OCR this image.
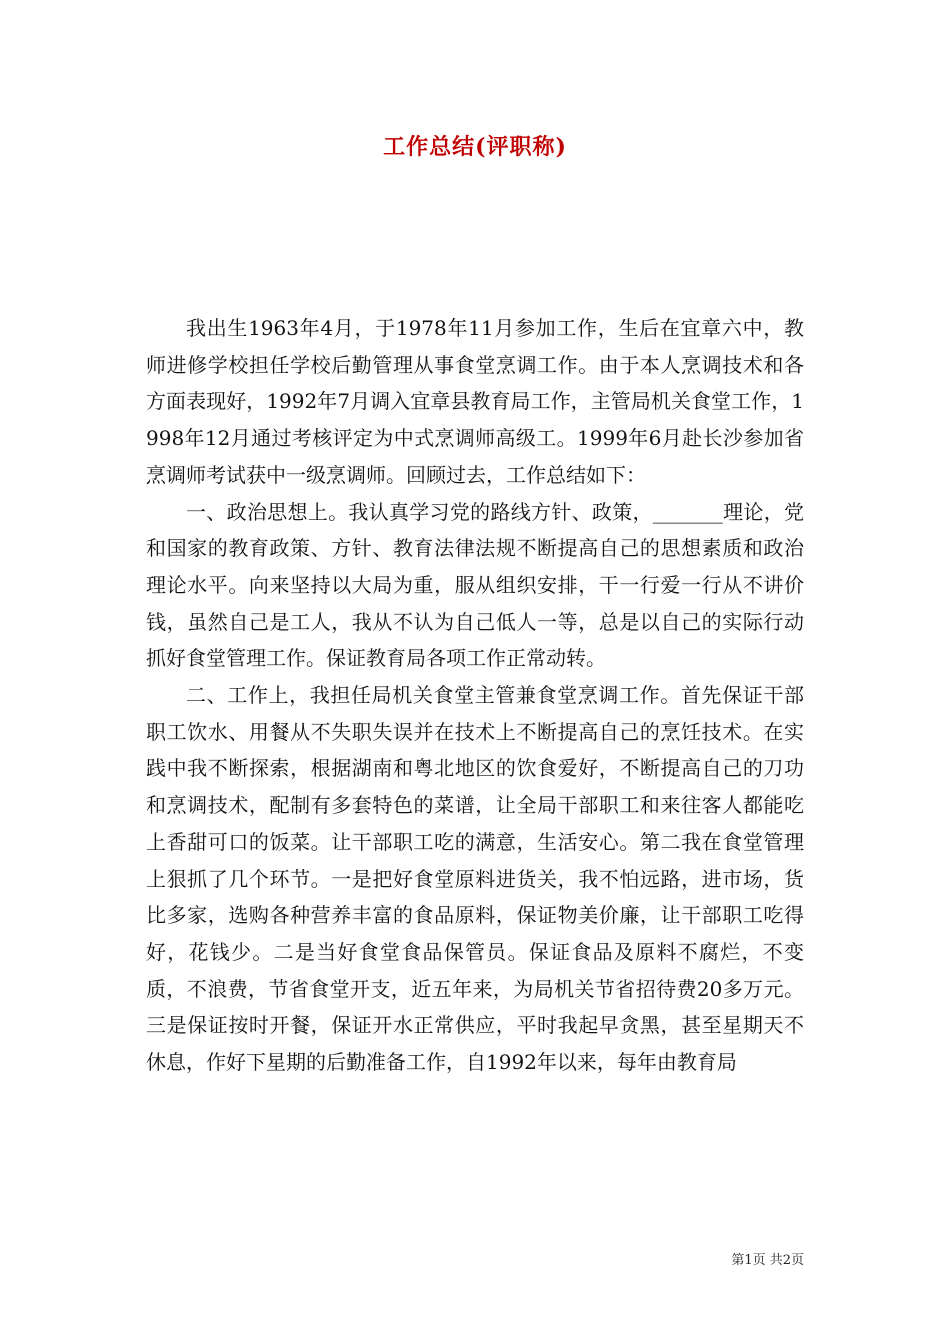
工作总结(评职称)

我出生1963年4月，于1978年11月参加工作，生后在宜章六中，教师进修学校担任学校后勤管理从事食堂烹调工作。由于本人烹调技术和各方面表现好，1992年7月调入宜章县教育局工作，主管局机关食堂工作，1998年12月通过考核评定为中式烹调师高级工。1999年6月赴长沙参加省烹调师考试获中一级烹调师。回顾过去，工作总结如下：

一、政治思想上。我认真学习党的路线方针、政策，_______理论，党和国家的教育政策、方针、教育法律法规不断提高自己的思想素质和政治理论水平。向来坚持以大局为重，服从组织安排，干一行爱一行从不讲价钱，虽然自己是工人，我从不认为自己低人一等，总是以自己的实际行动抓好食堂管理工作。保证教育局各项工作正常动转。

二、工作上，我担任局机关食堂主管兼食堂烹调工作。首先保证干部职工饮水、用餐从不失职失误并在技术上不断提高自己的烹饪技术。在实践中我不断探索，根据湖南和粤北地区的饮食爱好，不断提高自己的刀功和烹调技术，配制有多套特色的菜谱，让全局干部职工和来往客人都能吃上香甜可口的饭菜。让干部职工吃的满意，生活安心。第二我在食堂管理上狠抓了几个环节。一是把好食堂原料进货关，我不怕远路，进市场，货比多家，选购各种营养丰富的食品原料，保证物美价廉，让干部职工吃得好，花钱少。二是当好食堂食品保管员。保证食品及原料不腐烂，不变质，不浪费，节省食堂开支，近五年来，为局机关节省招待费20多万元。三是保证按时开餐，保证开水正常供应，平时我起早贪黑，甚至星期天不休息，作好下星期的后勤准备工作，自1992年以来，每年由教育局

第1页 共2页
